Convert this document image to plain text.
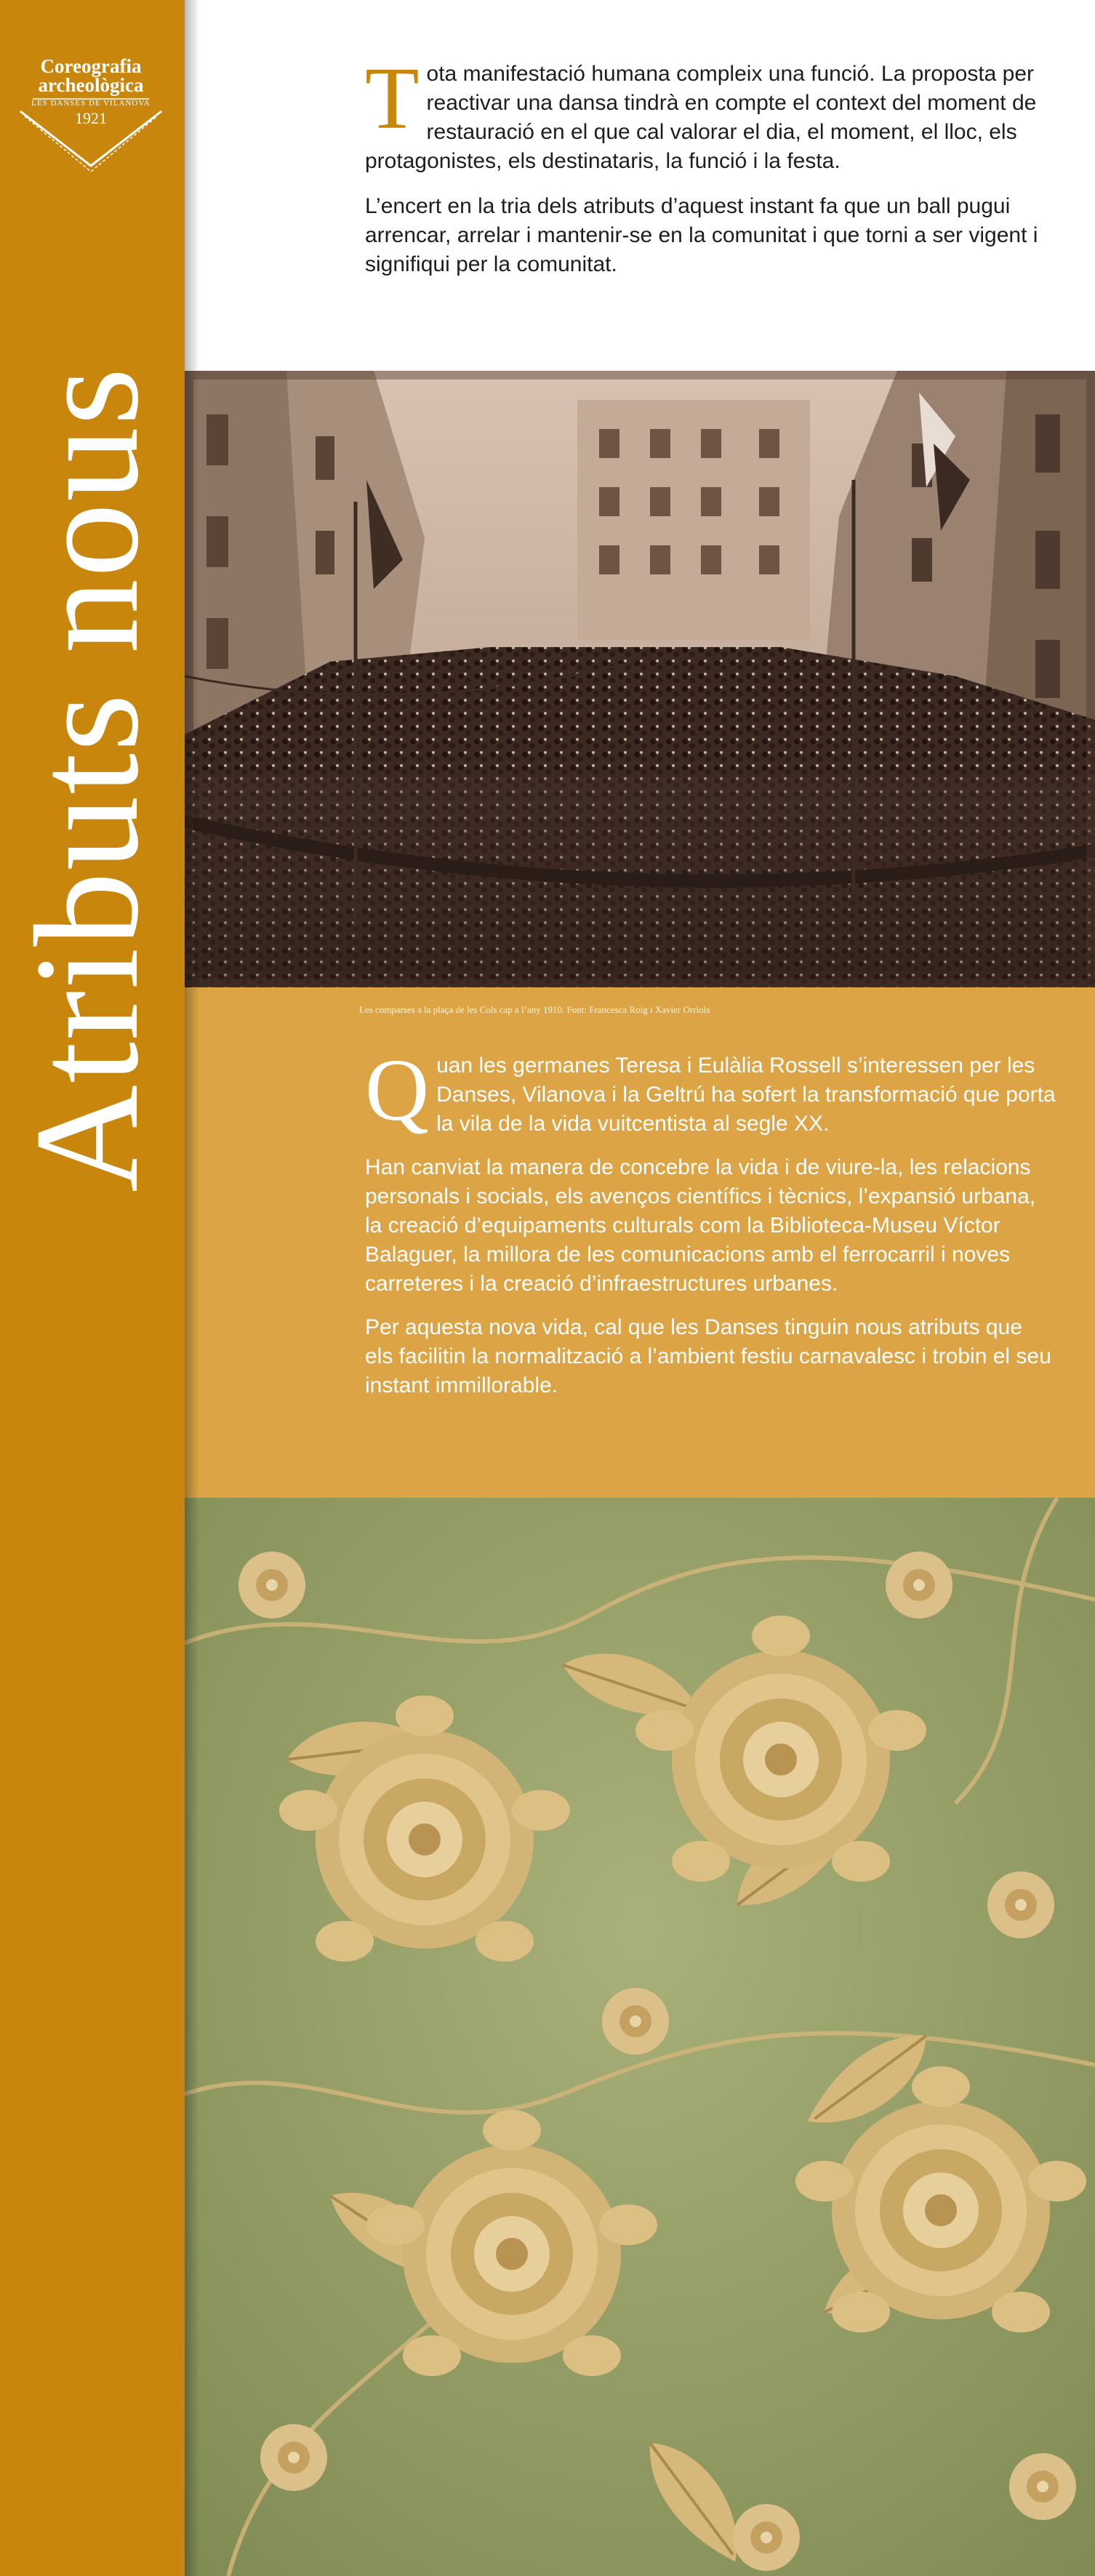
Coreografia
archeològica
LES DANSES DE VILANOVA
1921
Atributs nous

Tota manifestació humana compleix una funció. La proposta per reactivar una dansa tindrà en compte el context del moment de restauració en el que cal valorar el dia, el moment, el lloc, els protagonistes, els destinataris, la funció i la festa.

L’encert en la tria dels atributs d’aquest instant fa que un ball pugui arrencar, arrelar i mantenir-se en la comunitat i que torni a ser vigent i signifiqui per la comunitat.

Les comparses a la plaça de les Cols cap a l’any 1910. Font: Francesca Roig i Xavier Orriols

Quan les germanes Teresa i Eulàlia Rossell s’interessen per les Danses, Vilanova i la Geltrú ha sofert la transformació que porta la vila de la vida vuitcentista al segle XX.

Han canviat la manera de concebre la vida i de viure-la, les relacions personals i socials, els avenços científics i tècnics, l’expansió urbana, la creació d’equipaments culturals com la Biblioteca-Museu Víctor Balaguer, la millora de les comunicacions amb el ferrocarril i noves carreteres i la creació d’infraestructures urbanes.

Per aquesta nova vida, cal que les Danses tinguin nous atributs que els facilitin la normalització a l’ambient festiu carnavalesc i trobin el seu instant immillorable.
